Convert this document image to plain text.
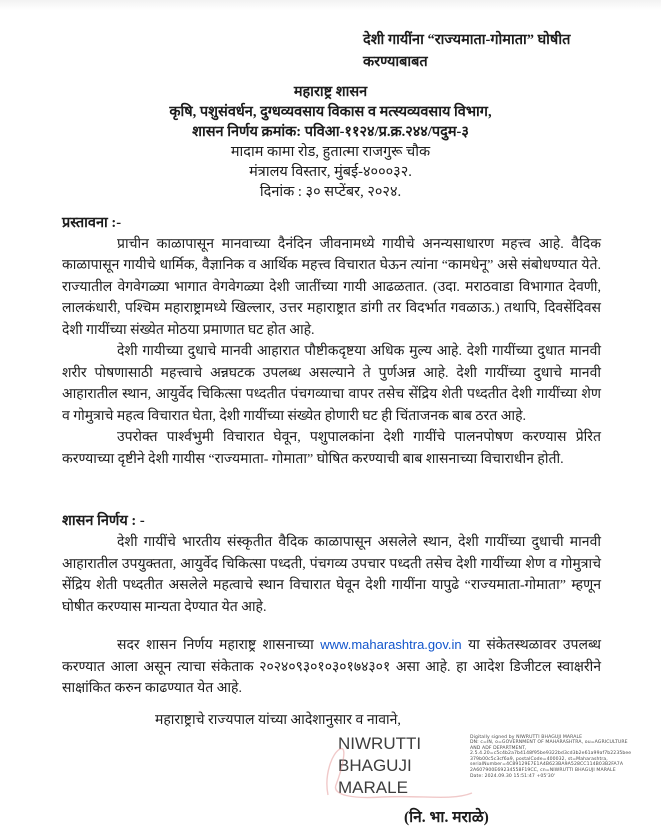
देशी गायींना “राज्यमाता-गोमाता” घोषीत करण्याबाबत
महाराष्ट्र शासन
कृषि, पशुसंवर्धन, दुग्धव्यवसाय विकास व मत्स्यव्यवसाय विभाग,
शासन निर्णय क्रमांक: पविआ-११२४/प्र.क्र.२४४/पदुम-३
मादाम कामा रोड, हुतात्मा राजगुरू चौक
मंत्रालय विस्तार, मुंबई-४०००३२.
दिनांक : ३० सप्टेंबर, २०२४.
प्रस्तावना :-

प्राचीन काळापासून मानवाच्या दैनंदिन जीवनामध्ये गायीचे अनन्यसाधारण महत्त्व आहे. वैदिक काळापासून गायीचे धार्मिक, वैज्ञानिक व आर्थिक महत्त्व विचारात घेऊन त्यांना “कामधेनू” असे संबोधण्यात येते. राज्यातील वेगवेगळ्या भागात वेगवेगळ्या देशी जातींच्या गायी आढळतात. (उदा. मराठवाडा विभागात देवणी, लालकंधारी, पश्चिम महाराष्ट्रामध्ये खिल्लार, उत्तर महाराष्ट्रात डांगी तर विदर्भात गवळाऊ.) तथापि, दिवसेंदिवस देशी गायींच्या संख्येत मोठया प्रमाणात घट होत आहे.

देशी गायीच्या दुधाचे मानवी आहारात पौष्टीकदृष्टया अधिक मुल्य आहे. देशी गायींच्या दुधात मानवी शरीर पोषणासाठी महत्त्वाचे अन्नघटक उपलब्ध असल्याने ते पुर्णअन्न आहे. देशी गायींच्या दुधाचे मानवी आहारातील स्थान, आयुर्वेद चिकित्सा पध्दतीत पंचगव्याचा वापर तसेच सेंद्रिय शेती पध्दतीत देशी गायींच्या शेण व गोमुत्राचे महत्व विचारात घेता, देशी गायींच्या संख्येत होणारी घट ही चिंताजनक बाब ठरत आहे.

उपरोक्त पार्श्वभुमी विचारात घेवून, पशुपालकांना देशी गायींचे पालनपोषण करण्यास प्रेरित करण्याच्या दृष्टीने देशी गायीस “राज्यमाता- गोमाता” घोषित करण्याची बाब शासनाच्या विचाराधीन होती.

शासन निर्णय : -

देशी गायींचे भारतीय संस्कृतीत वैदिक काळापासून असलेले स्थान, देशी गायींच्या दुधाची मानवी आहारातील उपयुक्तता, आयुर्वेद चिकित्सा पध्दती, पंचगव्य उपचार पध्दती तसेच देशी गायींच्या शेण व गोमुत्राचे सेंद्रिय शेती पध्दतीत असलेले महत्वाचे स्थान विचारात घेवून देशी गायींना यापुढे “राज्यमाता-गोमाता” म्हणून घोषीत करण्यास मान्यता देण्यात येत आहे.

सदर शासन निर्णय महाराष्ट्र शासनाच्या www.maharashtra.gov.in या संकेतस्थळावर उपलब्ध करण्यात आला असून त्याचा संकेताक २०२४०९३०१०३०१७४३०१ असा आहे. हा आदेश डिजीटल स्वाक्षरीने साक्षांकित करुन काढण्यात येत आहे.

महाराष्ट्राचे राज्यपाल यांच्या आदेशानुसार व नावाने,
NIWRUTTI
BHAGUJI MARALE
Digitally signed by NIWRUTTI BHAGUJI MARALE
DN: c=IN, o=GOVERNMENT OF MAHARASHTRA, ou=AGRICULTURE
AND ADF DEPARTMENT,
2.5.4.20=c5c4b2a7b4148f95be9322bd3cd3b2e61a99af7b2235bee
379b00c5c3cf6a9, postalCode=400032, st=Maharashtra,
serialNumber=4C89129E7E1A4B623BA9A528CC114B03B2FA7A
2A607900E69234558F19CC, cn=NIWRUTTI BHAGUJI MARALE
Date: 2024.09.30 15:51:47 +05'30'
(नि. भा. मराळे)
